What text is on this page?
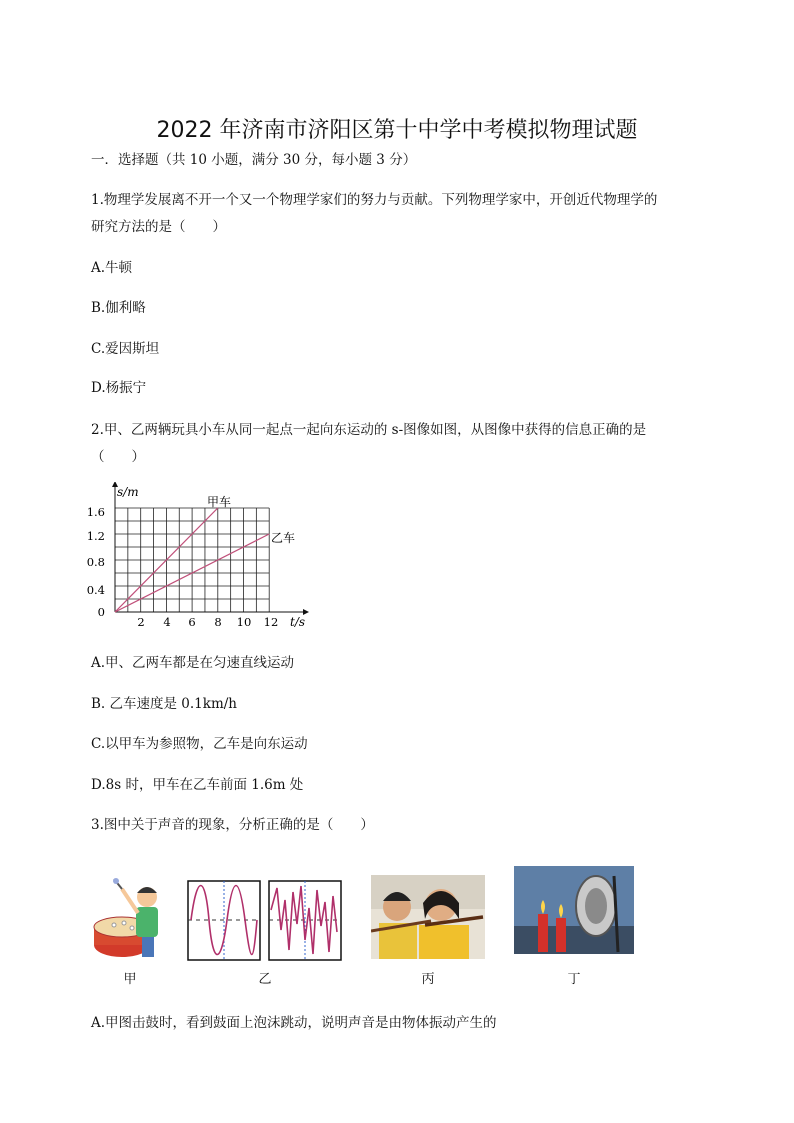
2022 年济南市济阳区第十中学中考模拟物理试题
一．选择题（共 10 小题，满分 30 分，每小题 3 分）
1.物理学发展离不开一个又一个物理学家们的努力与贡献。下列物理学家中，开创近代物理学的
研究方法的是（　　）
A.牛顿
B.伽利略
C.爱因斯坦
D.杨振宁
2.甲、乙两辆玩具小车从同一起点一起向东运动的 s-图像如图，从图像中获得的信息正确的是
（　　）
s/m
t/s
0
0.4
0.8
1.2
1.6
2 4 6 8 10 12
甲车
乙车
A.甲、乙两车都是在匀速直线运动
B. 乙车速度是 0.1km/h
C.以甲车为参照物，乙车是向东运动
D.8s 时，甲车在乙车前面 1.6m 处
3.图中关于声音的现象，分析正确的是（　　）
甲	乙	丙	丁
A.甲图击鼓时，看到鼓面上泡沫跳动，说明声音是由物体振动产生的
